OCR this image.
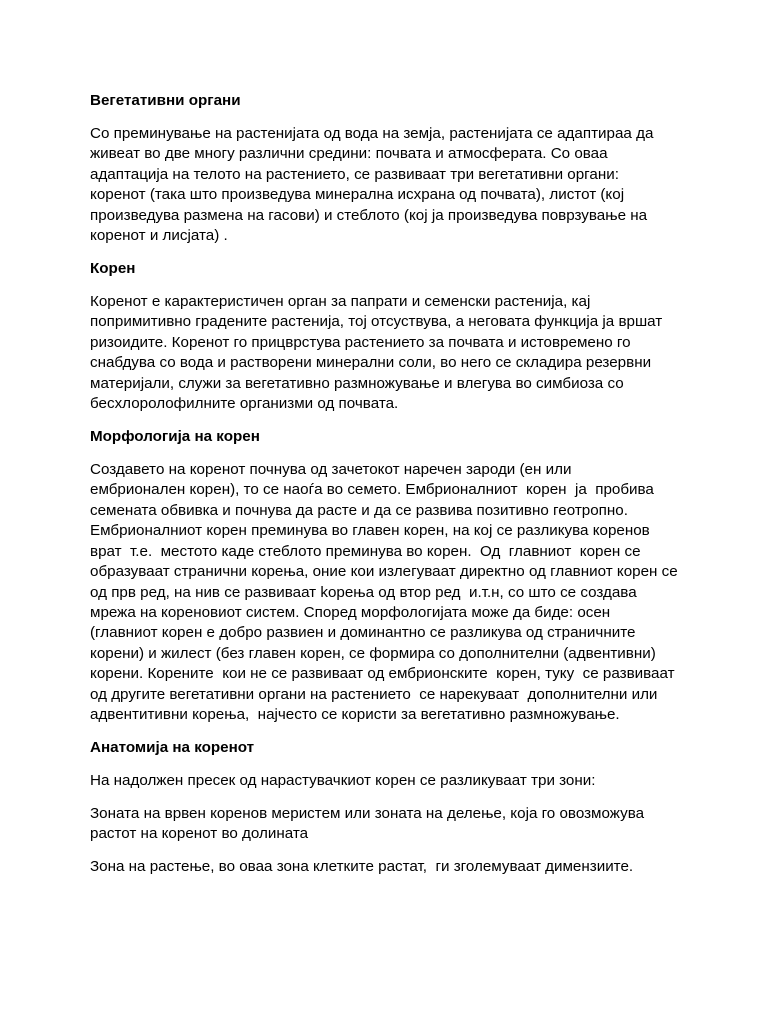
Вегетативни органи
Со преминување на растенијата од вода на земја, растенијата се адаптираа да
живеат во две многу различни средини: почвата и атмосферата. Со оваа
адаптација на телото на растението, се развиваат три вегетативни органи:
коренот (така што произведува минерална исхрана од почвата), листот (кој
произведува размена на гасови) и стеблото (кој ја произведува поврзување на
коренот и лисјата) .
Корен
Коренот е карактеристичен орган за папрати и семенски растенија, кај
попримитивно градените растенија, тој отсуствува, а неговата функција ја вршат
ризоидите. Коренот го прицврстува растението за почвата и истовремено го
снабдува со вода и растворени минерални соли, во него се складира резервни
материјали, служи за вегетативно размножување и влегува во симбиоза со
бесхлоролофилните организми од почвата.
Морфологија на корен
Создаветo на коренот почнува од зачетокот наречен зароди (ен или
ембрионален корен), то се наоѓа во семето. Ембрионалниот  корен  ја  пробива
семената обвивка и почнува да расте и да се развива позитивно геотропно.
Ембрионалниот корен преминува во главен корен, на кој се разликува коренов
врат  т.е.  местото каде стеблото преминува во корен.  Од  главниот  корен се
образуваат странични корења, оние кои излегуваат директно од главниот корен се
од прв ред, на нив се развиваат kорења од втор ред  и.т.н, со што се создава
мрежа на кореновиот систем. Според морфологијата може да биде: осен
(главниот корен е добро развиен и доминантно се разликува од страничните
корени) и жилест (без главен корен, се формира со дополнителни (адвентивни)
корени. Корените  кои не се развиваат од ембрионските  корен, туку  се развиваат
од другите вегетативни органи на растението  се нарекуваат  дополнителни или
адвентитивни корења,  најчесто се користи за вегетативно размножување.
Анатомија на коренот
На надолжен пресек од нарастувачкиот корен се разликуваат три зони:
Зоната на врвен коренов меристем или зоната на делење, која го овозможува
растот на коренот во долината
Зона на растење, во оваа зона клетките растат,  ги зголемуваат димензиите.
